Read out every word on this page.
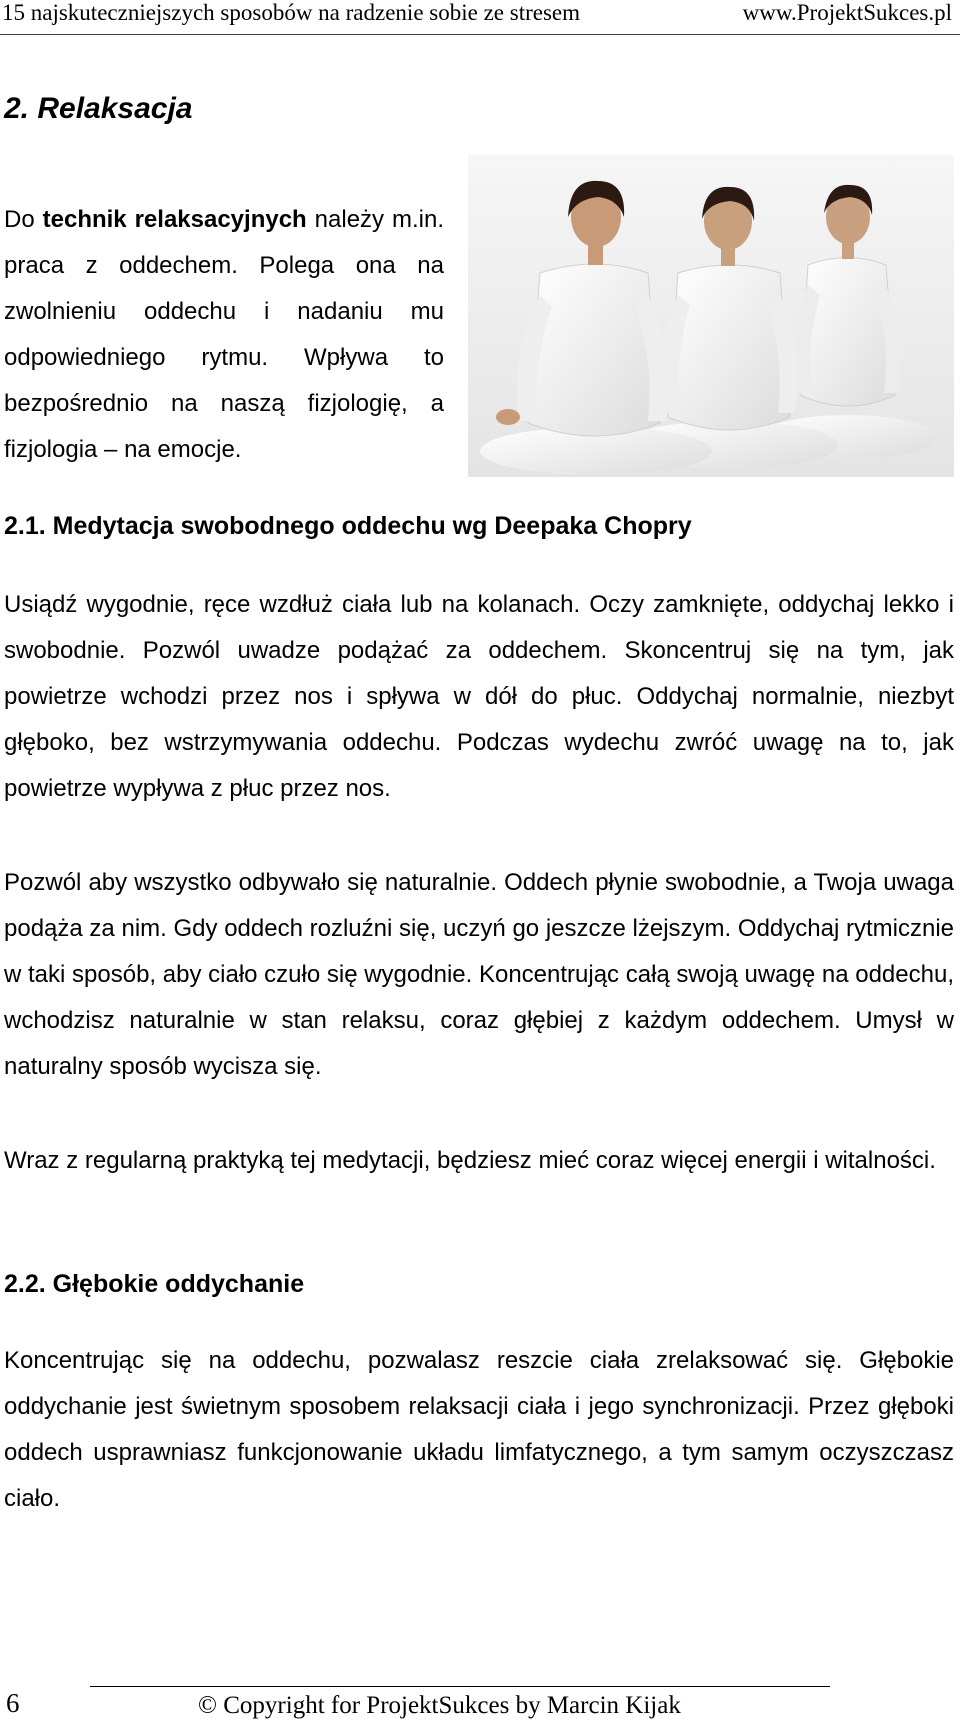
15 najskuteczniejszych sposobów na radzenie sobie ze stresem	www.ProjektSukces.pl
2. Relaksacja

Do technik relaksacyjnych należy m.in. praca z oddechem. Polega ona na zwolnieniu oddechu i nadaniu mu odpowiedniego rytmu. Wpływa to bezpośrednio na naszą fizjologię, a fizjologia – na emocje.

2.1. Medytacja swobodnego oddechu wg Deepaka Chopry

Usiądź wygodnie, ręce wzdłuż ciała lub na kolanach. Oczy zamknięte, oddychaj lekko i swobodnie. Pozwól uwadze podążać za oddechem. Skoncentruj się na tym, jak powietrze wchodzi przez nos i spływa w dół do płuc. Oddychaj normalnie, niezbyt głęboko, bez wstrzymywania oddechu. Podczas wydechu zwróć uwagę na to, jak powietrze wypływa z płuc przez nos.

Pozwól aby wszystko odbywało się naturalnie. Oddech płynie swobodnie, a Twoja uwaga podąża za nim. Gdy oddech rozluźni się, uczyń go jeszcze lżejszym. Oddychaj rytmicznie w taki sposób, aby ciało czuło się wygodnie. Koncentrując całą swoją uwagę na oddechu, wchodzisz naturalnie w stan relaksu, coraz głębiej z każdym oddechem. Umysł w naturalny sposób wycisza się.

Wraz z regularną praktyką tej medytacji, będziesz mieć coraz więcej energii i witalności.

2.2. Głębokie oddychanie

Koncentrując się na oddechu, pozwalasz reszcie ciała zrelaksować się. Głębokie oddychanie jest świetnym sposobem relaksacji ciała i jego synchronizacji. Przez głęboki oddech usprawniasz funkcjonowanie układu limfatycznego, a tym samym oczyszczasz ciało.

6	© Copyright for ProjektSukces by Marcin Kijak
